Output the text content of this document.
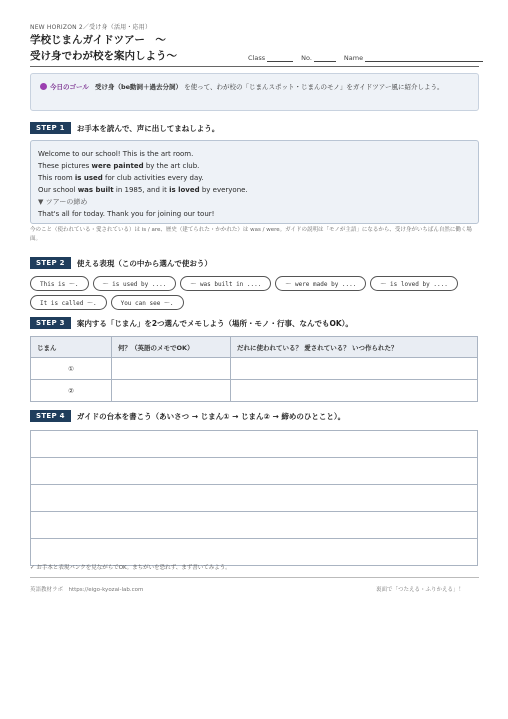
NEW HORIZON 2／受け身（活用・応用）
学校じまんガイドツアー　〜
受け身でわが校を案内しよう〜	Class	No.	Name
今日のゴール 受け身（be動詞＋過去分詞） を使って、わが校の「じまんスポット・じまんのモノ」をガイドツアー風に紹介しよう。
STEP 1	お手本を読んで、声に出してまねしよう。
Welcome to our school! This is the art room.
These pictures were painted by the art club.
This room is used for club activities every day.
Our school was built in 1985, and it is loved by everyone.
▼ ツアーの締め
That's all for today. Thank you for joining our tour!
今のこと（使われている・愛されている）は is / are、歴史（建てられた・かかれた）は was / were。ガイドの説明は「モノが主語」になるから、受け身がいちばん自然に働く場面。
STEP 2	使える表現（この中から選んで使おう）
This is 〜.	〜 is used by ....	〜 was built in ....	〜 were made by ....	〜 is loved by ....
It is called 〜.	You can see 〜.
STEP 3	案内する「じまん」を2つ選んでメモしよう（場所・モノ・行事、なんでもOK）。
じまん	何？（英語のメモでOK）	だれに使われている？ 愛されている？ いつ作られた？
①		
②		
STEP 4	ガイドの台本を書こう（あいさつ → じまん① → じまん② → 締めのひとこと）。
✓ お手本と表現バンクを見ながらでOK。まちがいを恐れず、まず書いてみよう。
英語教材ラボ　https://eigo-kyozai-lab.com	裏面で「つたえる・ふりかえる」！
